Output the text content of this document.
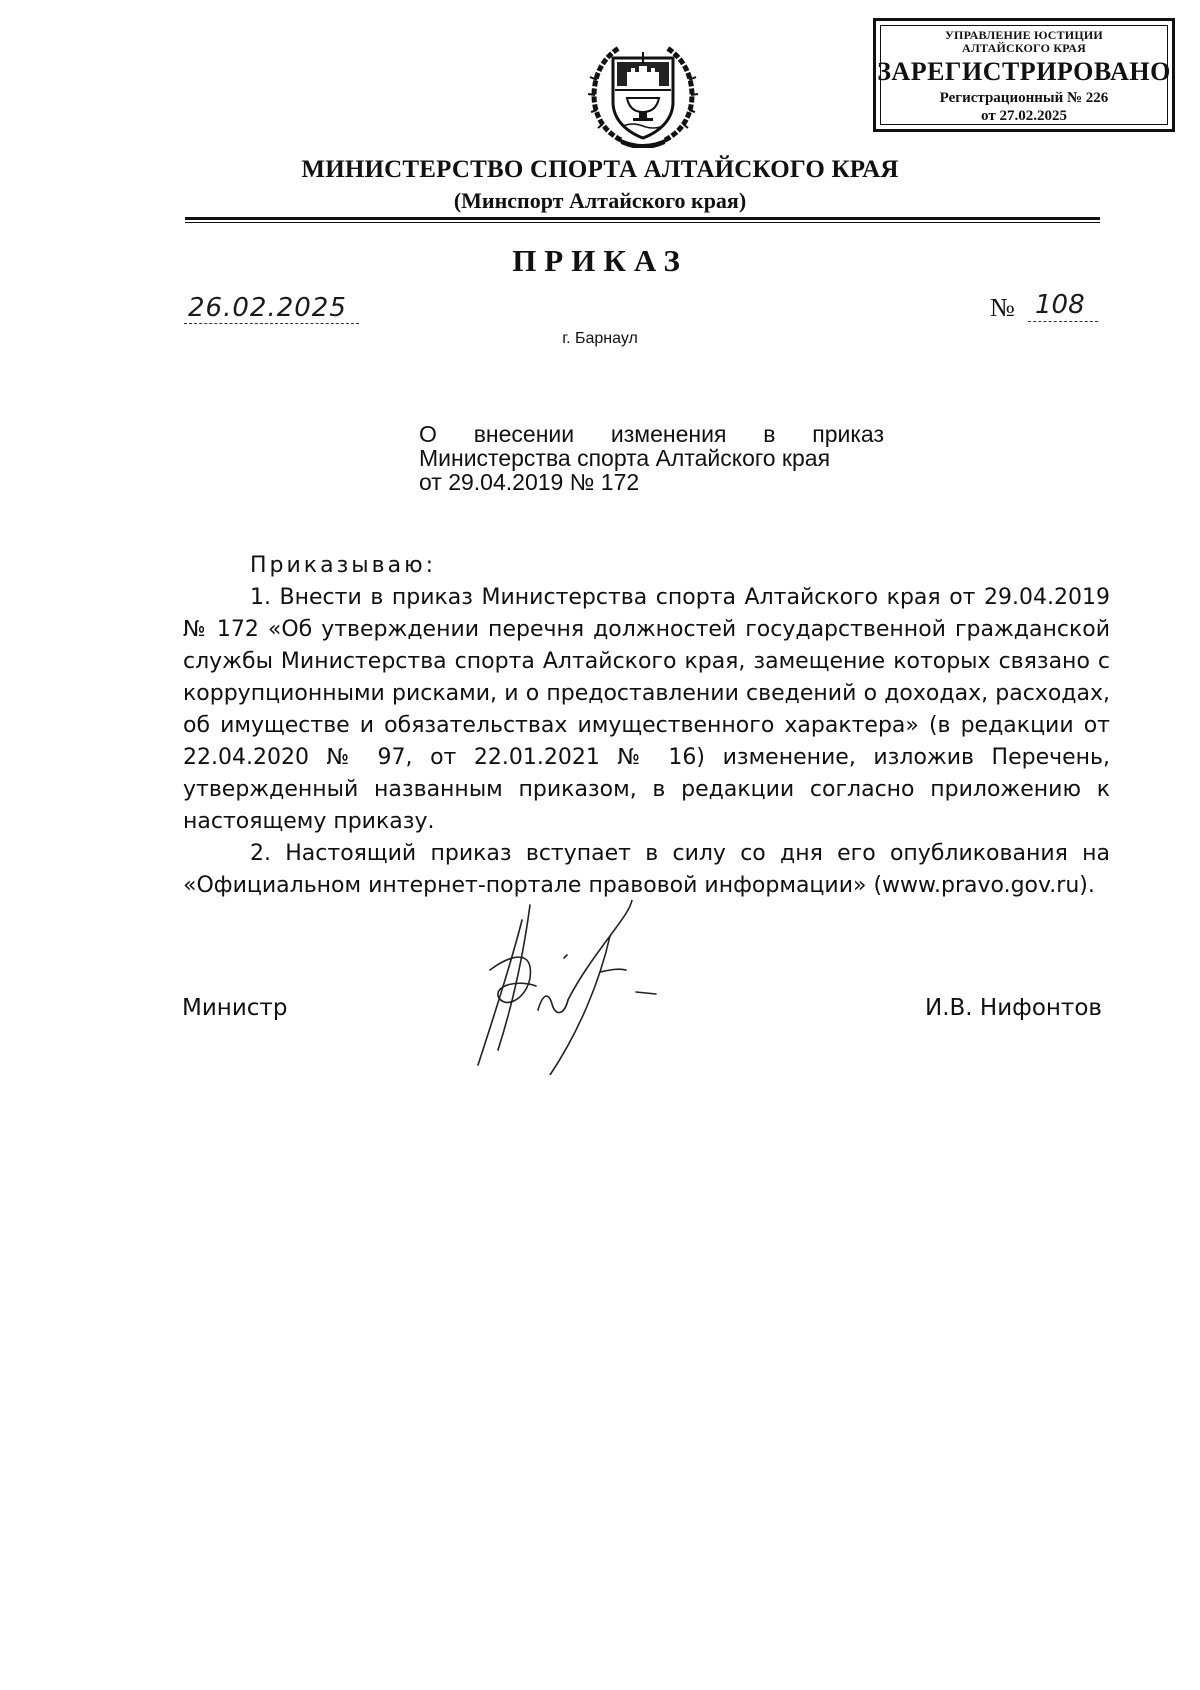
УПРАВЛЕНИЕ ЮСТИЦИИ
АЛТАЙСКОГО КРАЯ
ЗАРЕГИСТРИРОВАНО
Регистрационный № 226
от 27.02.2025
МИНИСТЕРСТВО СПОРТА АЛТАЙСКОГО КРАЯ
(Минспорт Алтайского края)
ПРИКАЗ
26.02.2025	№ 108
г. Барнаул
О внесении изменения в приказ
Министерства спорта Алтайского края
от 29.04.2019 № 172
Приказываю:

1. Внести в приказ Министерства спорта Алтайского края от 29.04.2019 № 172 «Об утверждении перечня должностей государственной гражданской службы Министерства спорта Алтайского края, замещение которых связано с коррупционными рисками, и о предоставлении сведений о доходах, расходах, об имуществе и обязательствах имущественного характера» (в редакции от 22.04.2020 № 97, от 22.01.2021 № 16) изменение, изложив Перечень, утвержденный названным приказом, в редакции согласно приложению к настоящему приказу.

2. Настоящий приказ вступает в силу со дня его опубликования на «Официальном интернет-портале правовой информации» (www.pravo.gov.ru).

Министр	И.В. Нифонтов
